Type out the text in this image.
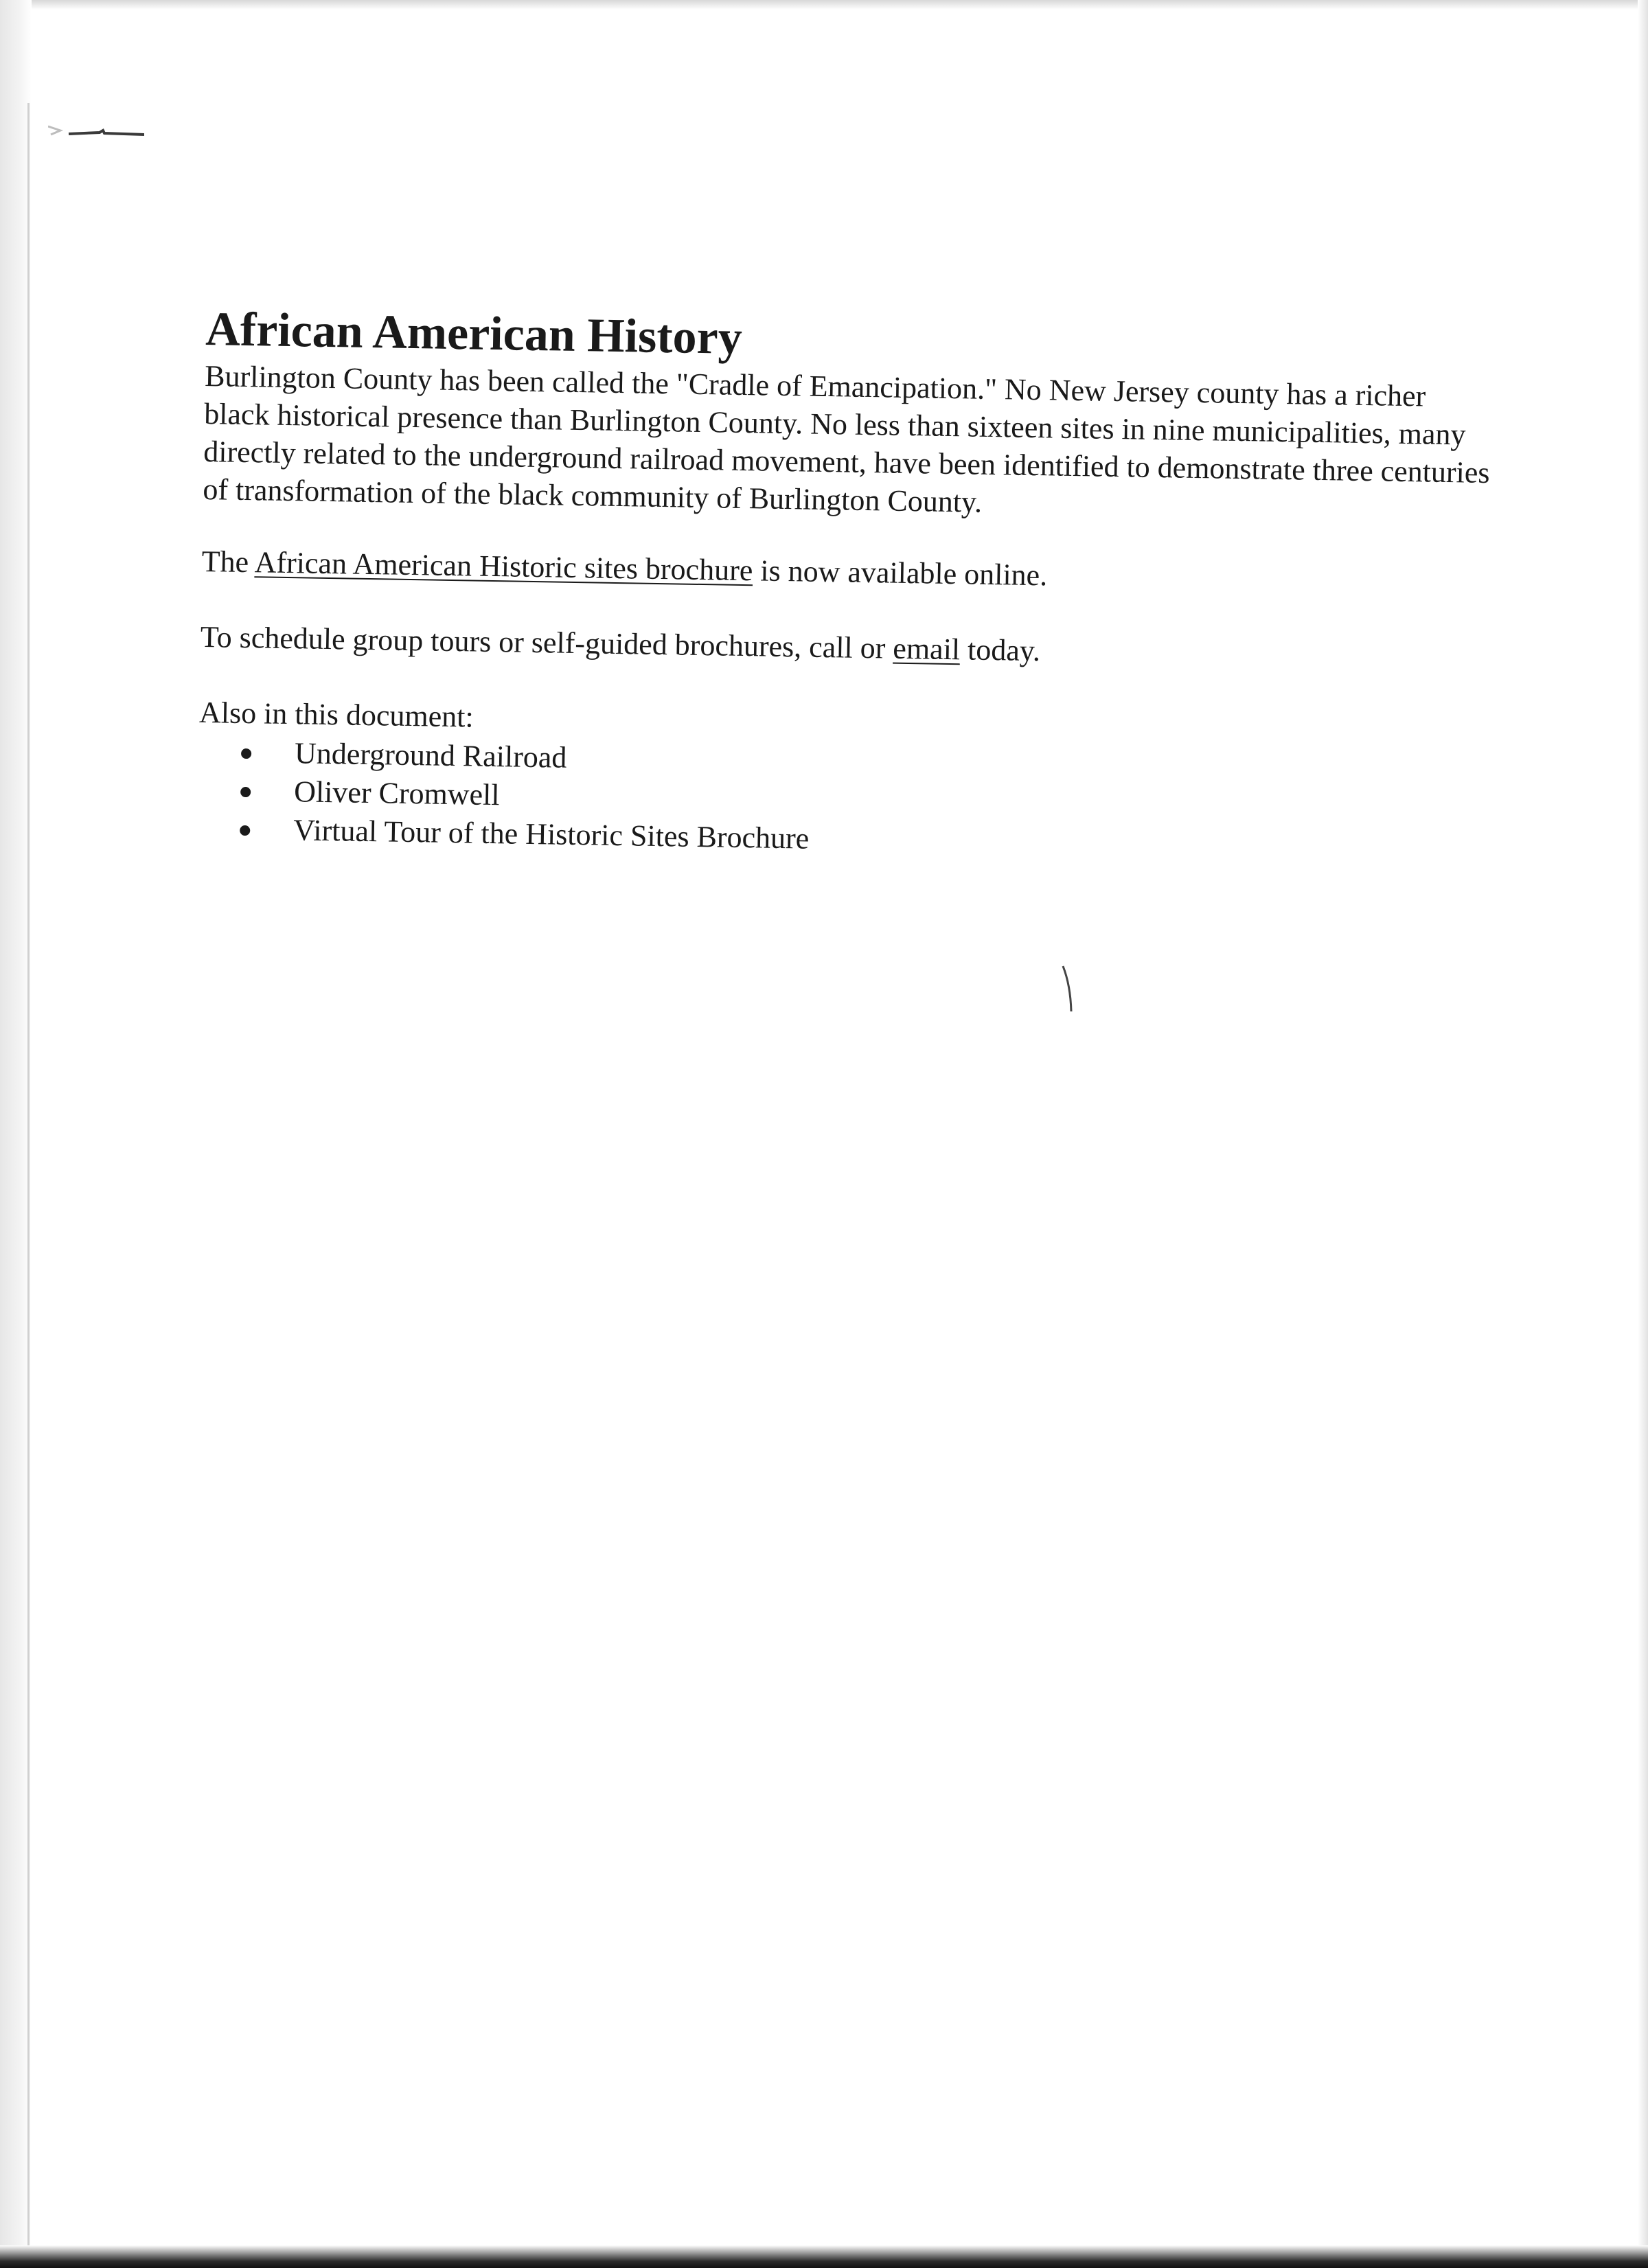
African American History

Burlington County has been called the "Cradle of Emancipation." No New Jersey county has a richer black historical presence than Burlington County. No less than sixteen sites in nine municipalities, many directly related to the underground railroad movement, have been identified to demonstrate three centuries of transformation of the black community of Burlington County.

The African American Historic sites brochure is now available online.

To schedule group tours or self-guided brochures, call or email today.

Also in this document:

Underground Railroad
Oliver Cromwell
Virtual Tour of the Historic Sites Brochure
